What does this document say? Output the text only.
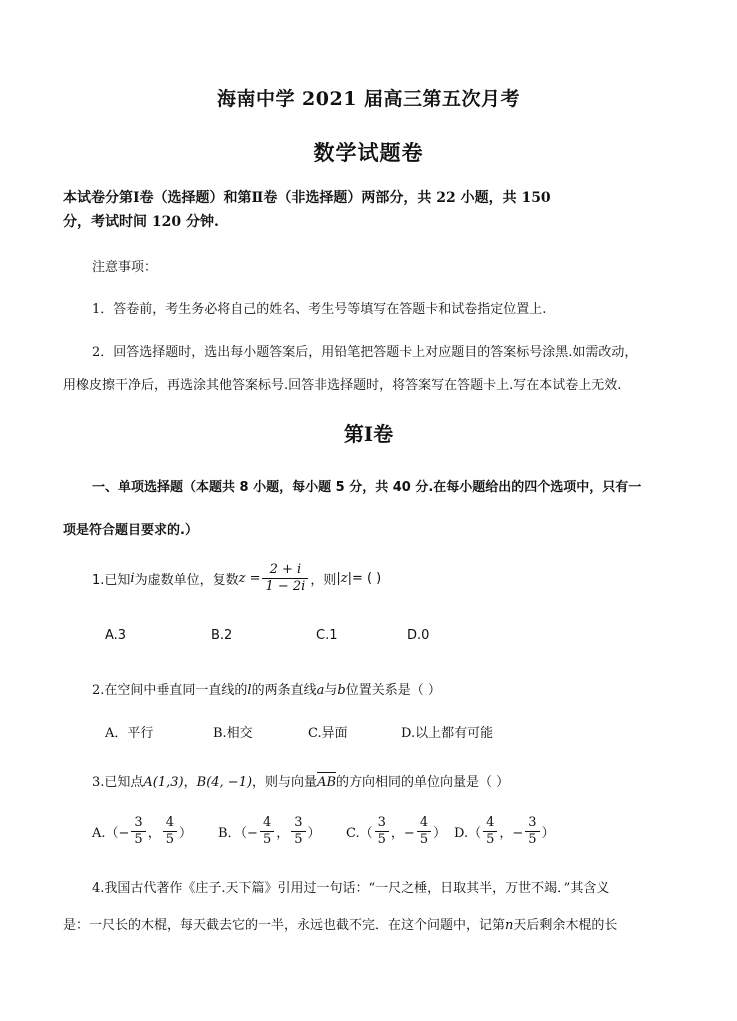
海南中学 2021 届高三第五次月考
数学试题卷
本试卷分第Ⅰ卷（选择题）和第Ⅱ卷（非选择题）两部分，共 22 小题，共 150
分，考试时间 120 分钟.
注意事项：
1．答卷前，考生务必将自己的姓名、考生号等填写在答题卡和试卷指定位置上.
2．回答选择题时，选出每小题答案后，用铅笔把答题卡上对应题目的答案标号涂黑.如需改动，
用橡皮擦干净后，再选涂其他答案标号.回答非选择题时，将答案写在答题卡上.写在本试卷上无效.
第Ⅰ卷
一、单项选择题（本题共 8 小题，每小题 5 分，共 40 分.在每小题给出的四个选项中，只有一
项是符合题目要求的.）
1.已知 i 为虚数单位，复数 $z = \frac{2 + i}{1 - 2i}$ ，则 |z| = ( )
A.3	B.2	C.1	D.0
2.在空间中垂直同一直线的l的两条直线a与b位置关系是（ ）
A．平行	B.相交	C.异面	D.以上都有可能
3.已知点A(1,3)，B(4, −1)，则与向量AB的方向相同的单位向量是（ ）
$A.(- \frac{3}{5}$ ， $\frac{4}{5}$ ） B．（− $\frac{4}{5}$ ， $\frac{3}{5}$ ） $C.( \frac{3}{5}$ ，− $\frac{4}{5}$ ） $D.( \frac{4}{5}$ ，− $\frac{3}{5}$ ）
4.我国古代著作《庄子.天下篇》引用过一句话：“一尺之棰，日取其半，万世不竭．”其含义
是：一尺长的木棍，每天截去它的一半，永远也截不完．在这个问题中，记第n天后剩余木棍的长
